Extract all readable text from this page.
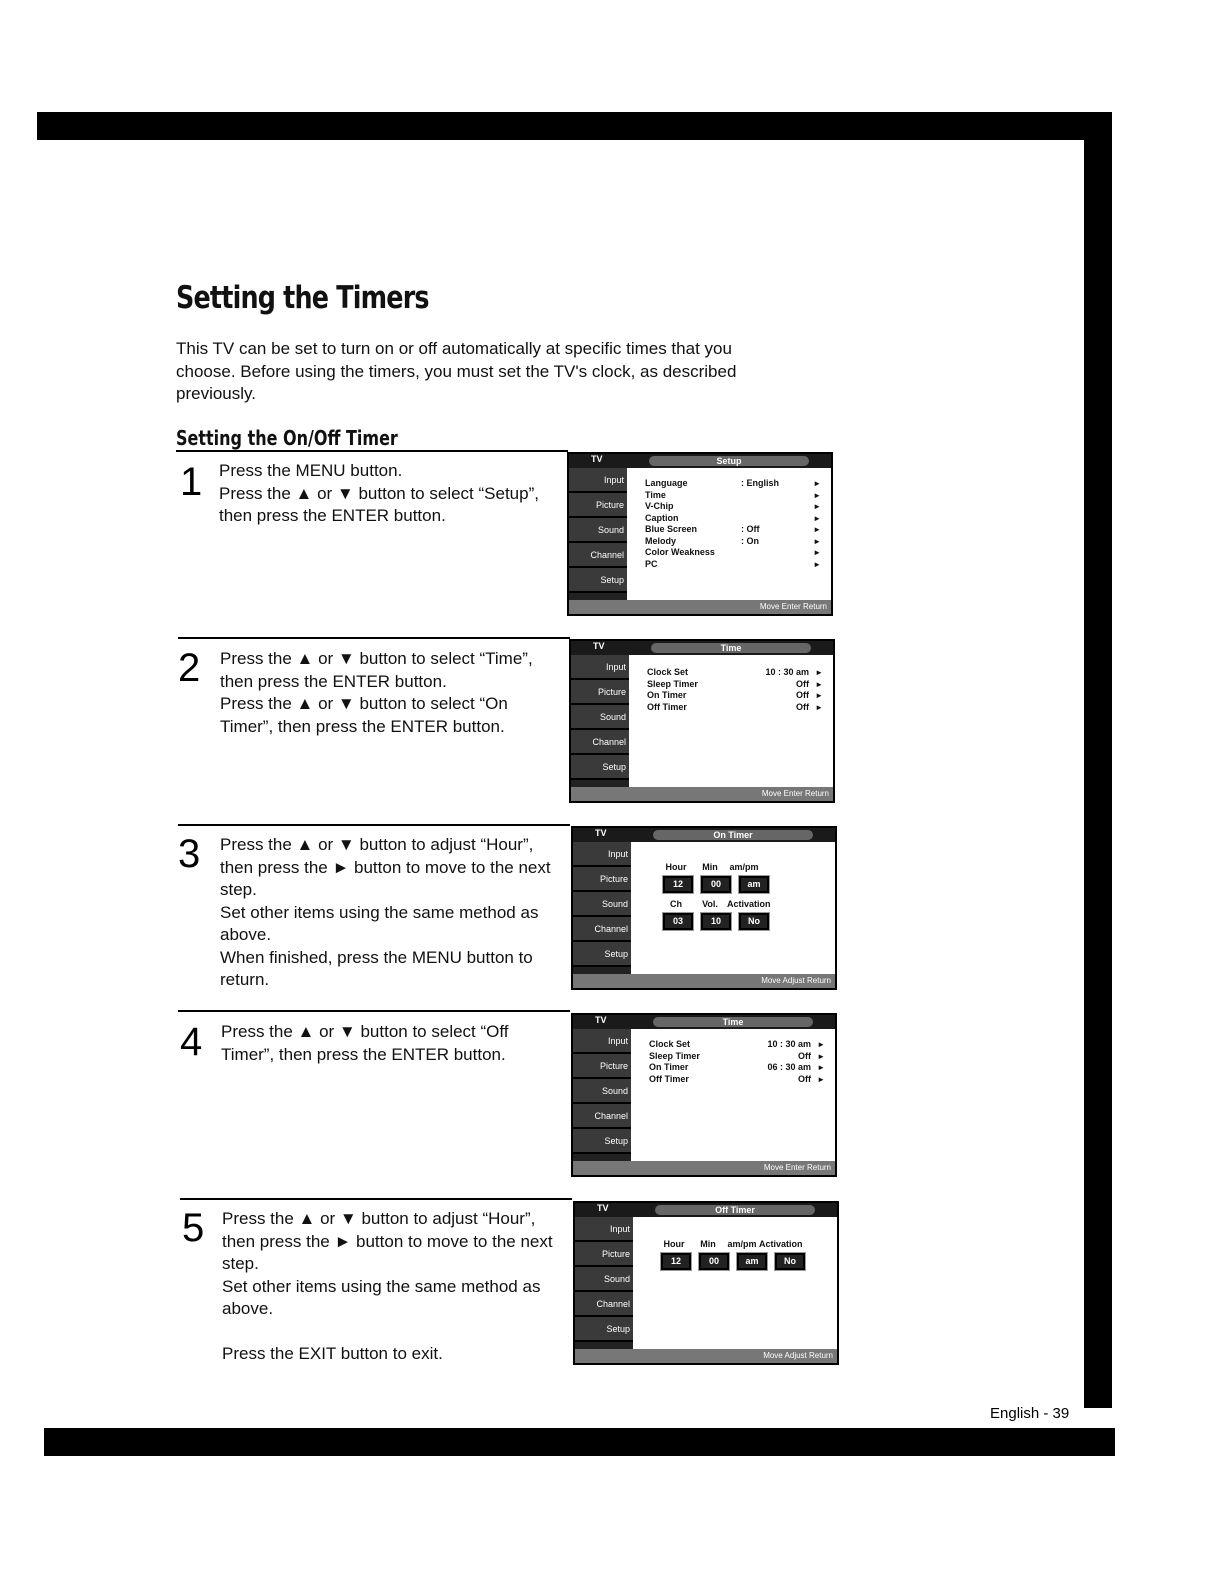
English - 39
Setting the Timers
This TV can be set to turn on or off automatically at specific times that you choose. Before using the timers, you must set the TV's clock, as described previously.
Setting the On/Off Timer
1 Press the MENU button.

Press the ▲ or ▼ button to select “Setup”, then press the ENTER button.

TV	Setup
Input
Picture
Sound
Channel
Setup
Language	: English	►
Time	►
V-Chip	►
Caption	►
Blue Screen	: Off	►
Melody	: On	►
Color Weakness	►
PC	►
Move Enter Return
2 Press the ▲ or ▼ button to select “Time”, then press the ENTER button.

Press the ▲ or ▼ button to select “On Timer”, then press the ENTER button.

TV	Time
Input
Picture
Sound
Channel
Setup
Clock Set	10 : 30 am ►
Sleep Timer	Off ►
On Timer	Off ►
Off Timer	Off ►
Move Enter Return
3 Press the ▲ or ▼ button to adjust “Hour”, then press the ► button to move to the next step.

Set other items using the same method as above.

When finished, press the MENU button to return.

TV	On Timer
Input
Picture
Sound
Channel
Setup
Hour Min am/pm
12	00	am
Ch Vol. Activation
03	10	No
Move Adjust Return
4 Press the ▲ or ▼ button to select “Off Timer”, then press the ENTER button.

TV	Time
Input
Picture
Sound
Channel
Setup
Clock Set	10 : 30 am ►
Sleep Timer	Off ►
On Timer	06 : 30 am ►
Off Timer	Off ►
Move Enter Return
5 Press the ▲ or ▼ button to adjust “Hour”, then press the ► button to move to the next step.

Set other items using the same method as above.

Press the EXIT button to exit.

TV	Off Timer
Input
Picture
Sound
Channel
Setup
Hour Min am/pm Activation
12	00	am	No
Move Adjust Return
